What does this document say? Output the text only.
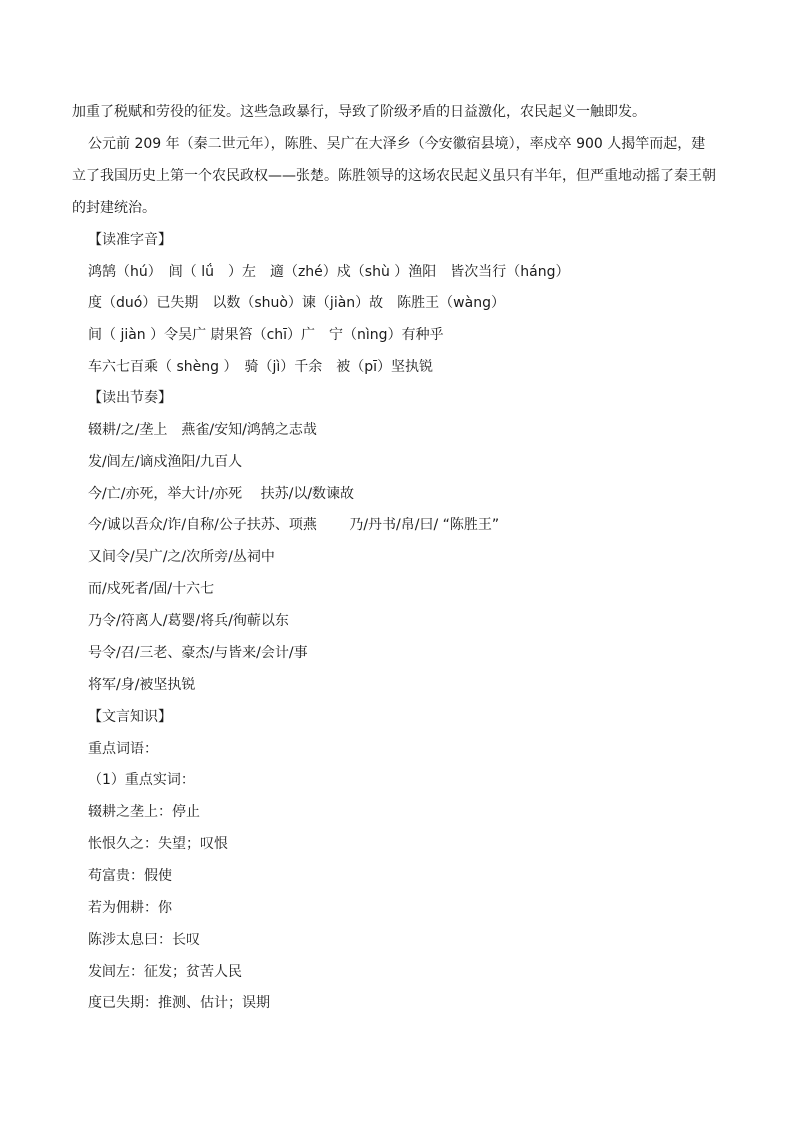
加重了税赋和劳役的征发。这些急政暴行，导致了阶级矛盾的日益激化，农民起义一触即发。
公元前 209 年（秦二世元年），陈胜、吴广在大泽乡（今安徽宿县境），率戍卒 900 人揭竿而起，建
立了我国历史上第一个农民政权——张楚。陈胜领导的这场农民起义虽只有半年，但严重地动摇了秦王朝
的封建统治。
【读准字音】
鸿鹄（hú）　闾（ lǘ　）左　適（zhé）戍（shù ）渔阳　皆次当行（háng）
度（duó）已失期　以数（shuò）谏（jiàn）故　陈胜王（wàng）
间（ jiàn ）令吴广 尉果笞（chī）广　宁（nìng）有种乎
车六七百乘（ shèng ）　骑（jì）千余　被（pī）坚执锐
【读出节奏】
辍耕/之/垄上　燕雀/安知/鸿鹄之志哉
发/闾左/谪戍渔阳/九百人
今/亡/亦死，举大计/亦死　 扶苏/以/数谏故
今/诚以吾众/诈/自称/公子扶苏、项燕　　 乃/丹书/帛/曰/ “陈胜王”
又间令/吴广/之/次所旁/丛祠中
而/戍死者/固/十六七
乃令/符离人/葛婴/将兵/徇蕲以东
号令/召/三老、豪杰/与皆来/会计/事
将军/身/被坚执锐
【文言知识】
重点词语：
（1）重点实词：
辍耕之垄上：停止
怅恨久之：失望；叹恨
苟富贵：假使
若为佣耕：你
陈涉太息曰：长叹
发闾左：征发；贫苦人民
度已失期：推测、估计；误期
